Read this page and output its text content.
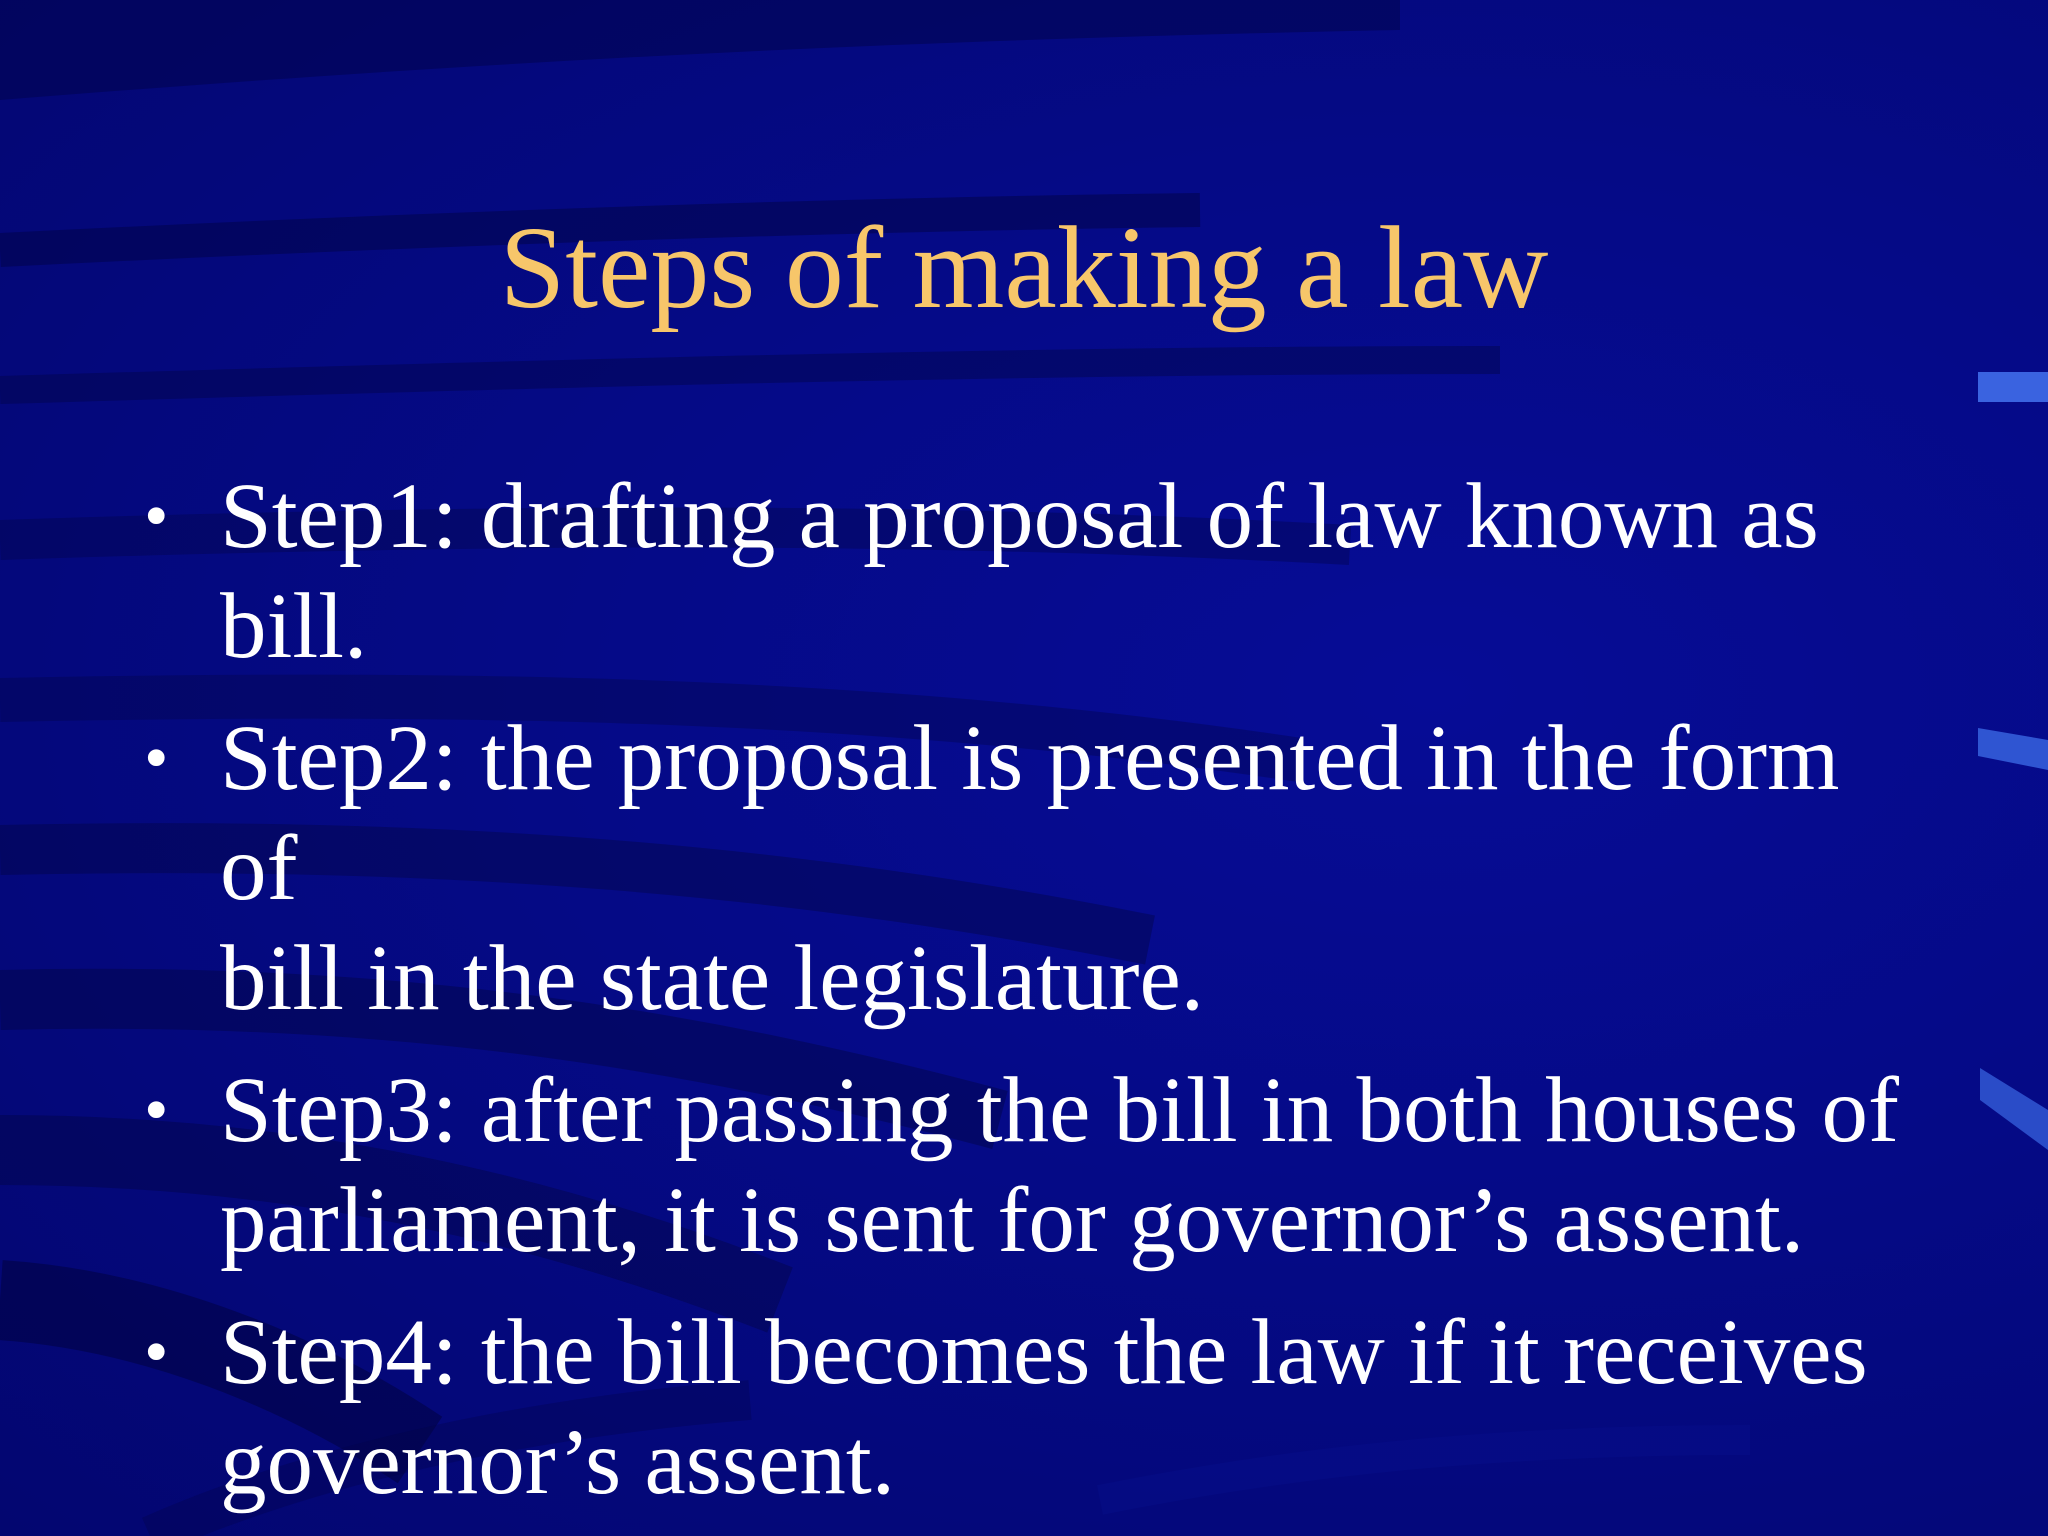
Steps of making a law
• Step1: drafting a proposal of law known as
bill.
• Step2: the proposal is presented in the form of
bill in the state legislature.
• Step3: after passing the bill in both houses of
parliament, it is sent for governor’s assent.
• Step4: the bill becomes the law if it receives
governor’s assent.
